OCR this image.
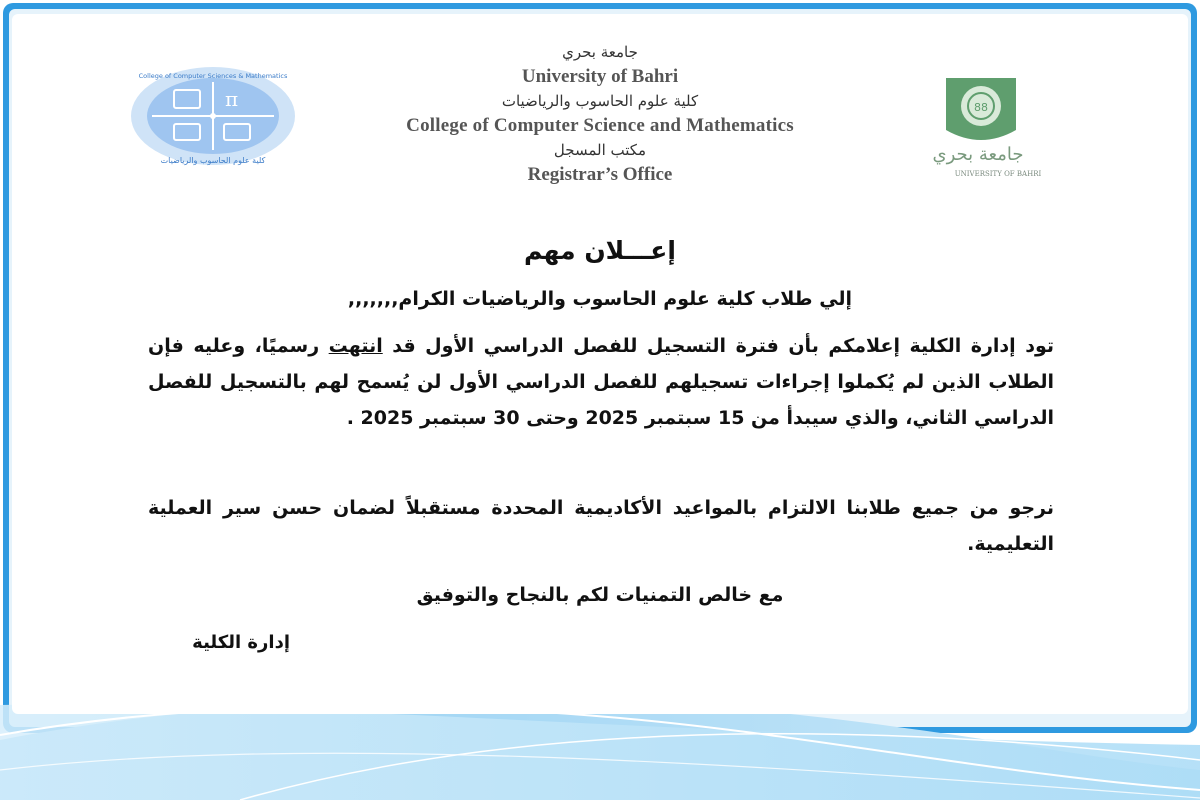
π
College of Computer Sciences & Mathematics
كلية علوم الحاسوب والرياضيات
88
جامعة بحري
UNIVERSITY OF BAHRI
جامعة بحري
University of Bahri
كلية علوم الحاسوب والرياضيات
College of Computer Science and Mathematics
مكتب المسجل
Registrar’s Office
إعـــلان مهم
إلي طلاب كلية علوم الحاسوب والرياضيات الكرام,,,,,,,
تود إدارة الكلية إعلامكم بأن فترة التسجيل للفصل الدراسي الأول قد انتهت رسميًا، وعليه فإن الطلاب الذين لم يُكملوا إجراءات تسجيلهم للفصل الدراسي الأول لن يُسمح لهم بالتسجيل للفصل الدراسي الثاني، والذي سيبدأ من 15 سبتمبر 2025 وحتى 30 سبتمبر 2025 .
نرجو من جميع طلابنا الالتزام بالمواعيد الأكاديمية المحددة مستقبلاً لضمان حسن سير العملية التعليمية.
مع خالص التمنيات لكم بالنجاح والتوفيق
إدارة الكلية
